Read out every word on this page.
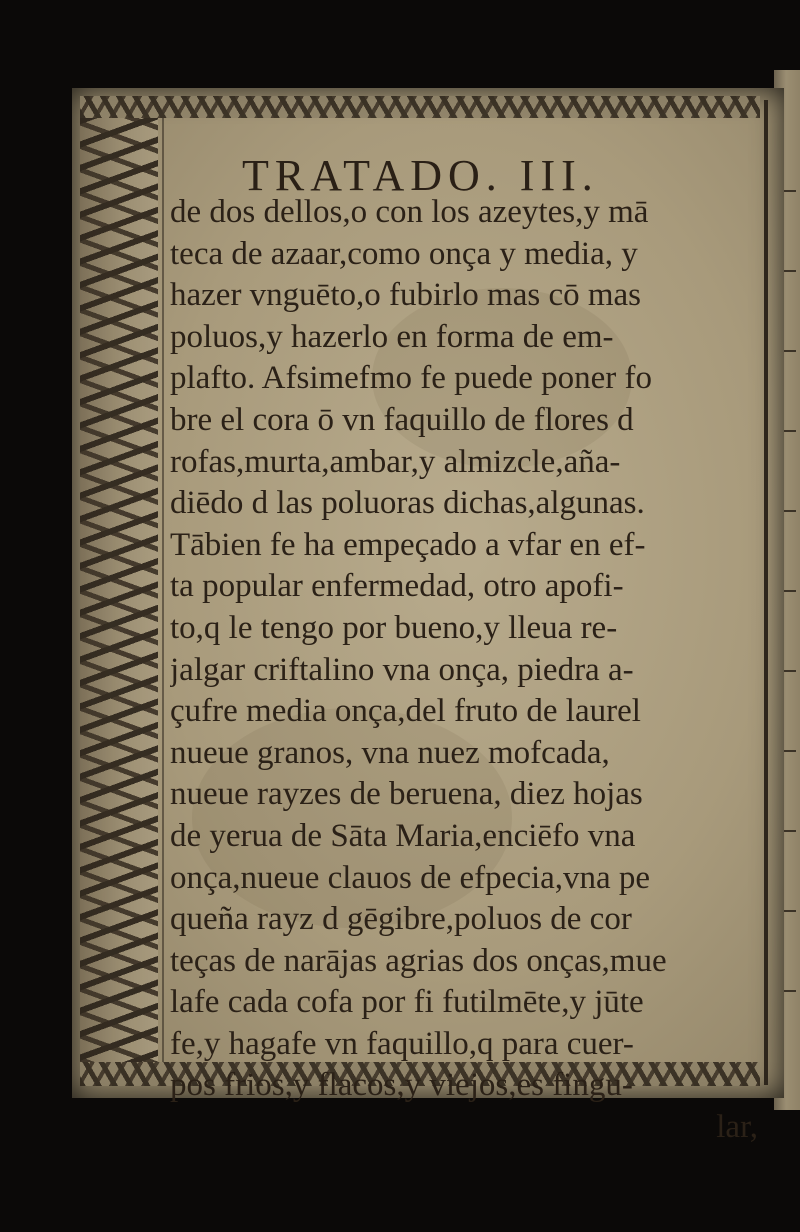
TRATADO. III.
de dos dellos,o con los azeytes,y mā
teca de azaar,como onça y media, y
hazer vnguēto,o fubirlo mas cō mas
poluos,y hazerlo en forma de em-
plafto. Afsimefmo fe puede poner fo
bre el cora ō vn faquillo de flores d
rofas,murta,ambar,y almizcle,aña-
diēdo d las poluoras dichas,algunas.
Tābien fe ha empeçado a vfar en ef-
ta popular enfermedad, otro apofi-
to,q le tengo por bueno,y lleua re-
jalgar criftalino vna onça, piedra a-
çufre media onça,del fruto de laurel
nueue granos, vna nuez mofcada,
nueue rayzes de beruena, diez hojas
de yerua de Sāta Maria,enciēfo vna
onça,nueue clauos de efpecia,vna pe
queña rayz d gēgibre,poluos de cor
teças de narājas agrias dos onças,mue
lafe cada cofa por fi futilmēte,y jūte
fe,y hagafe vn faquillo,q para cuer-
pos frios,y flacos,y viejos,es fingu-
lar,
